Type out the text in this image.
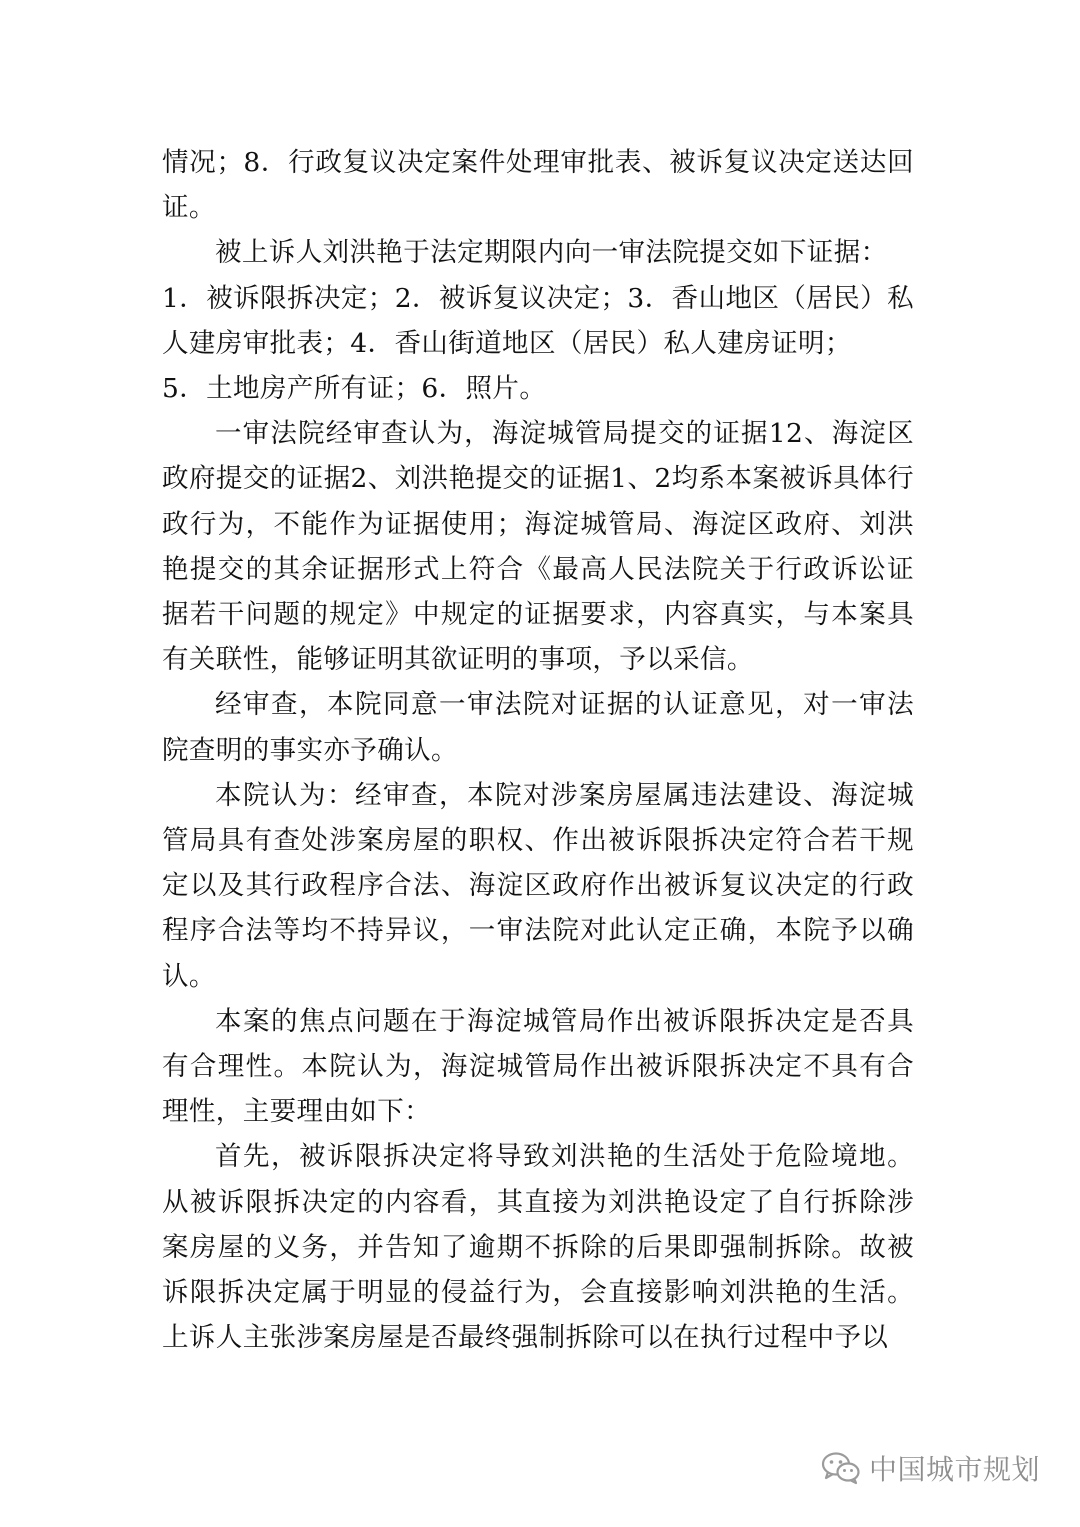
情况；8．行政复议决定案件处理审批表、被诉复议决定送达回证。

被上诉人刘洪艳于法定期限内向一审法院提交如下证据：

1．被诉限拆决定；2．被诉复议决定；3．香山地区（居民）私人建房审批表；4．香山街道地区（居民）私人建房证明；

5．土地房产所有证；6．照片。

一审法院经审查认为，海淀城管局提交的证据12、海淀区政府提交的证据2、刘洪艳提交的证据1、2均系本案被诉具体行政行为，不能作为证据使用；海淀城管局、海淀区政府、刘洪艳提交的其余证据形式上符合《最高人民法院关于行政诉讼证据若干问题的规定》中规定的证据要求，内容真实，与本案具有关联性，能够证明其欲证明的事项，予以采信。

经审查，本院同意一审法院对证据的认证意见，对一审法院查明的事实亦予确认。

本院认为：经审查，本院对涉案房屋属违法建设、海淀城管局具有查处涉案房屋的职权、作出被诉限拆决定符合若干规定以及其行政程序合法、海淀区政府作出被诉复议决定的行政程序合法等均不持异议，一审法院对此认定正确，本院予以确认。

本案的焦点问题在于海淀城管局作出被诉限拆决定是否具有合理性。本院认为，海淀城管局作出被诉限拆决定不具有合理性，主要理由如下：

首先，被诉限拆决定将导致刘洪艳的生活处于危险境地。从被诉限拆决定的内容看，其直接为刘洪艳设定了自行拆除涉案房屋的义务，并告知了逾期不拆除的后果即强制拆除。故被诉限拆决定属于明显的侵益行为，会直接影响刘洪艳的生活。上诉人主张涉案房屋是否最终强制拆除可以在执行过程中予以

中国城市规划
